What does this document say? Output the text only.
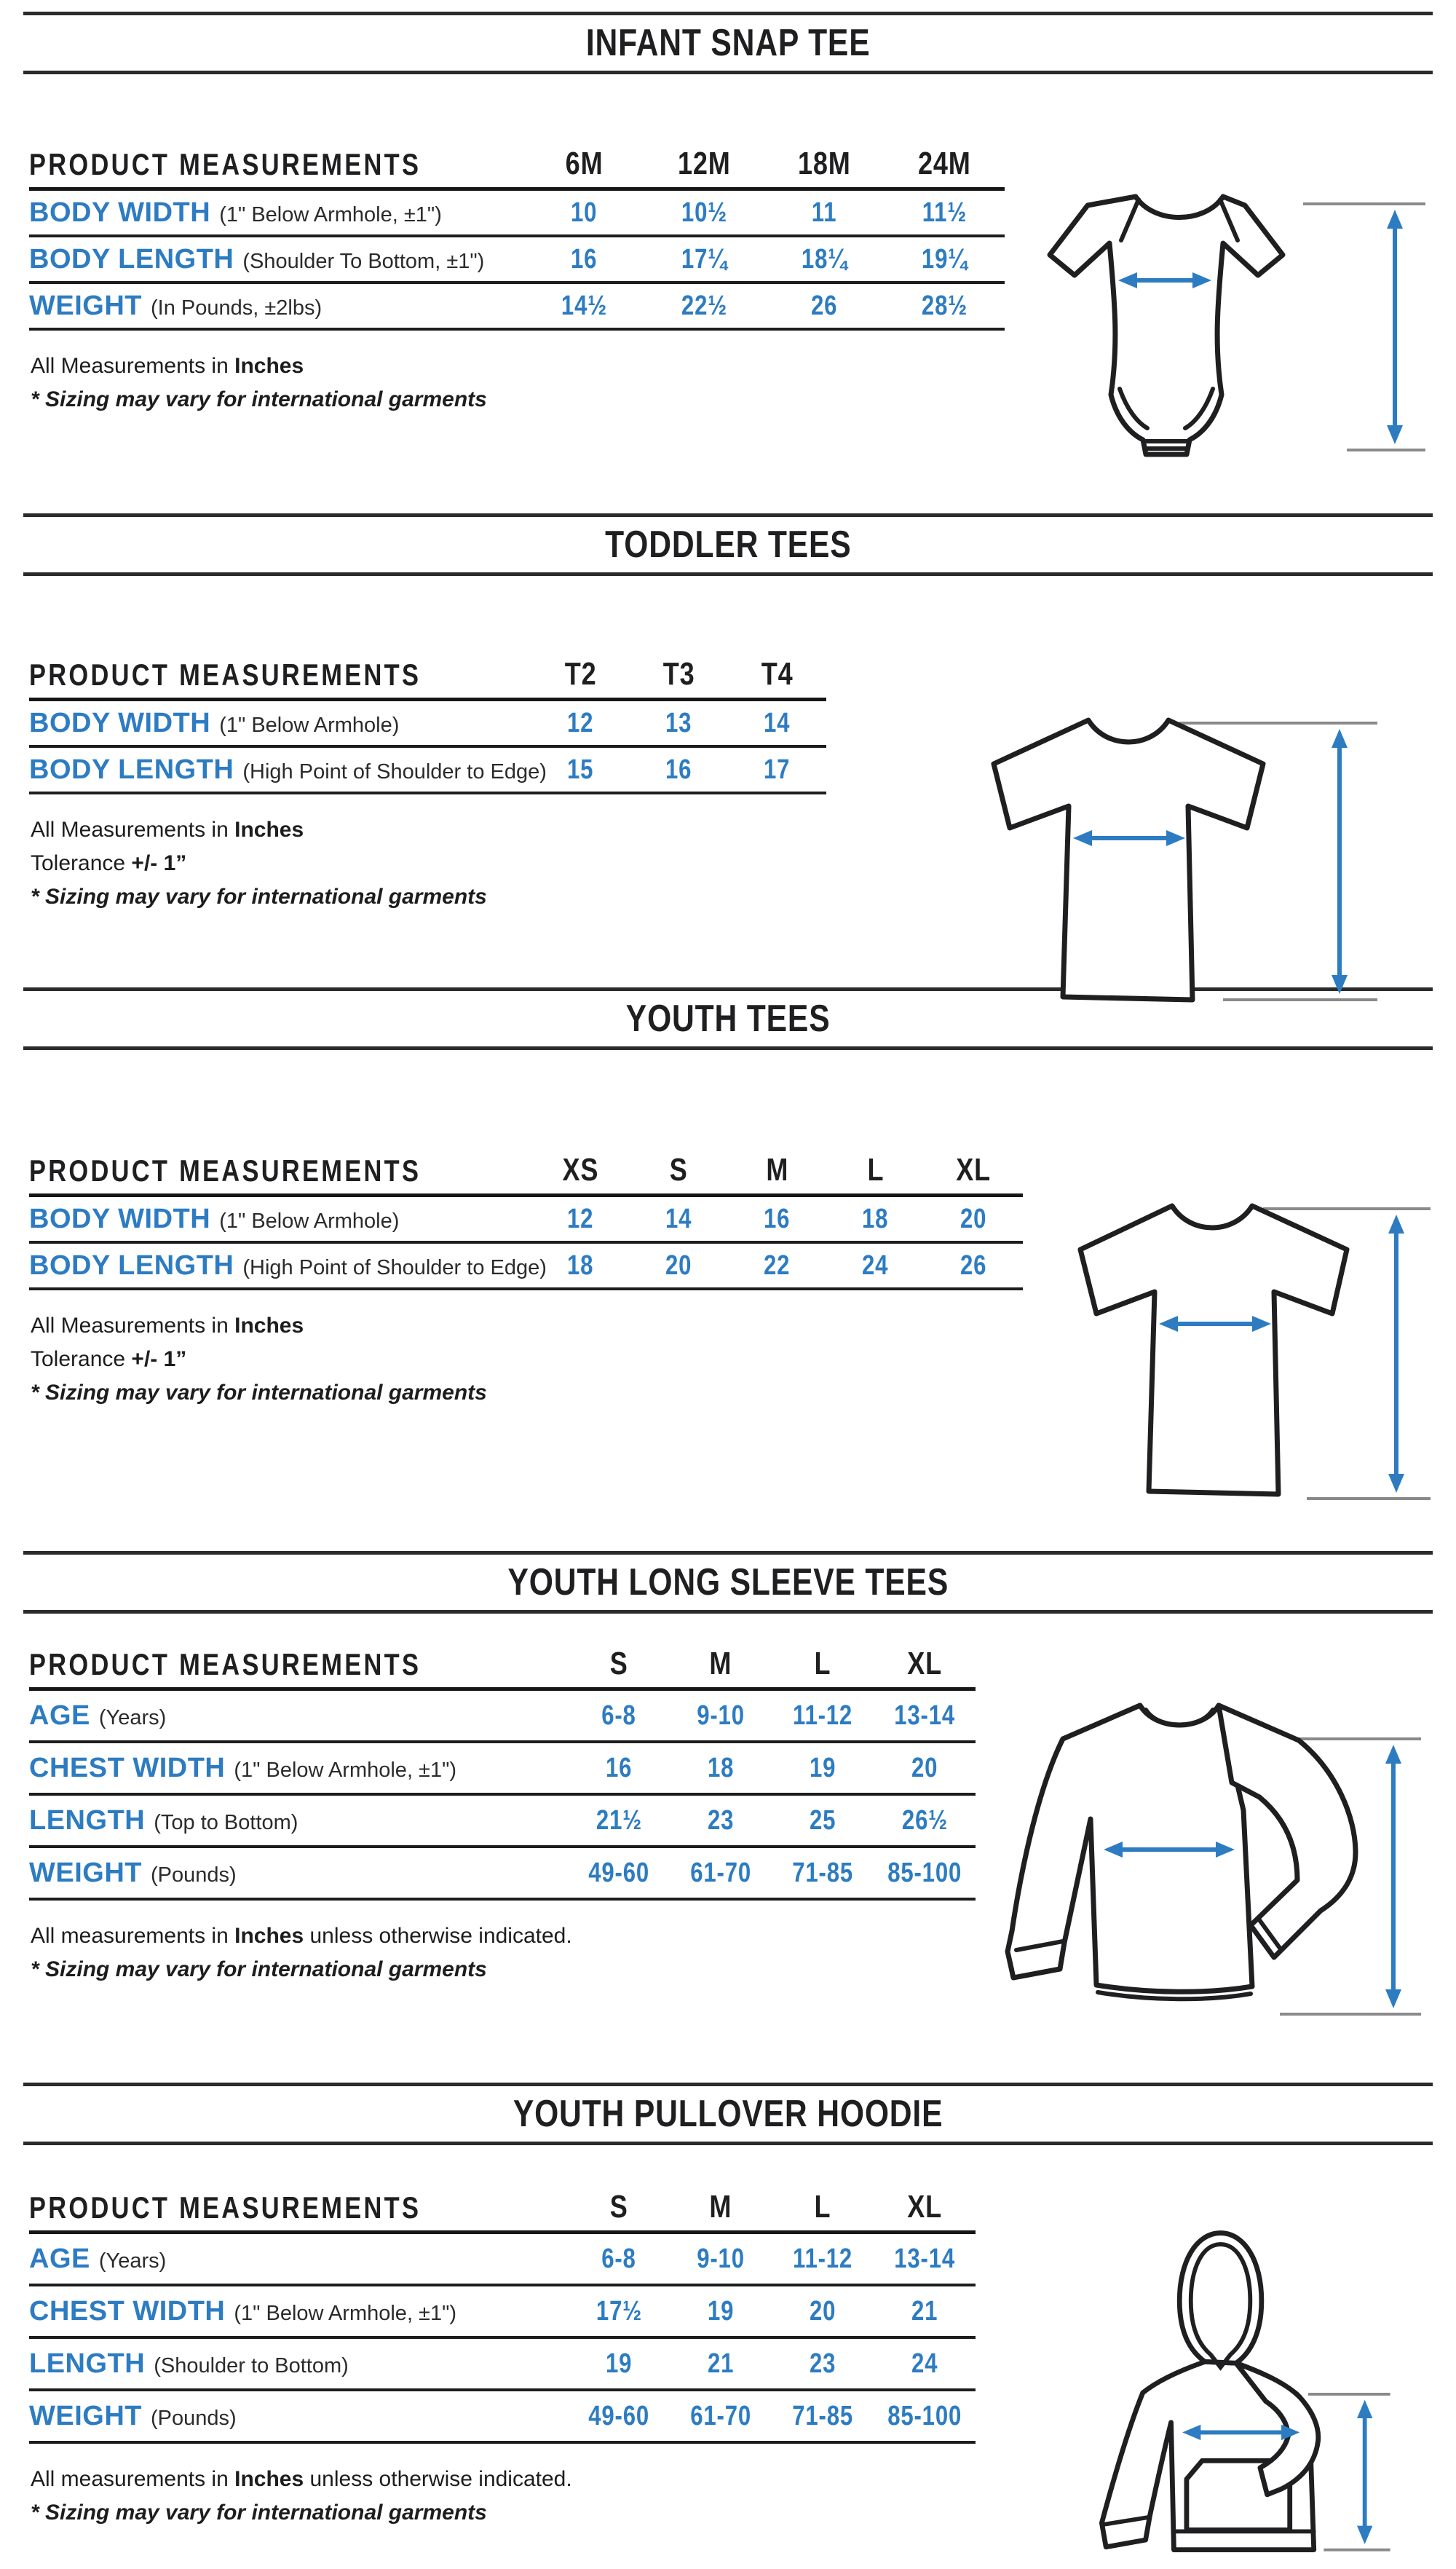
INFANT SNAP TEE
PRODUCT MEASUREMENTS	6M	12M	18M	24M
BODY WIDTH (1" Below Armhole, ±1")	10	10½	11	11½
BODY LENGTH (Shoulder To Bottom, ±1")	16	17¼	18¼	19¼
WEIGHT (In Pounds, ±2lbs)	14½	22½	26	28½

All Measurements in Inches

* Sizing may vary for international garments

TODDLER TEES
PRODUCT MEASUREMENTS	T2	T3	T4
BODY WIDTH (1" Below Armhole)	12	13	14
BODY LENGTH (High Point of Shoulder to Edge) 15	16	17

All Measurements in Inches

Tolerance +/- 1”

* Sizing may vary for international garments

YOUTH TEES
PRODUCT MEASUREMENTS	XS	S	M	L	XL
BODY WIDTH (1" Below Armhole)	12	14	16	18	20
BODY LENGTH (High Point of Shoulder to Edge) 18	20	22	24	26

All Measurements in Inches

Tolerance +/- 1”

* Sizing may vary for international garments

YOUTH LONG SLEEVE TEES
PRODUCT MEASUREMENTS	S	M	L	XL
AGE (Years)	6-8	9-10	11-12	13-14
CHEST WIDTH (1" Below Armhole, ±1")	16	18	19	20
LENGTH (Top to Bottom)	21½	23	25	26½
WEIGHT (Pounds)	49-60	61-70	71-85	85-100

All measurements in Inches unless otherwise indicated.

* Sizing may vary for international garments

YOUTH PULLOVER HOODIE
PRODUCT MEASUREMENTS	S	M	L	XL
AGE (Years)	6-8	9-10	11-12	13-14
CHEST WIDTH (1" Below Armhole, ±1")	17½	19	20	21
LENGTH (Shoulder to Bottom)	19	21	23	24
WEIGHT (Pounds)	49-60	61-70	71-85	85-100

All measurements in Inches unless otherwise indicated.

* Sizing may vary for international garments
